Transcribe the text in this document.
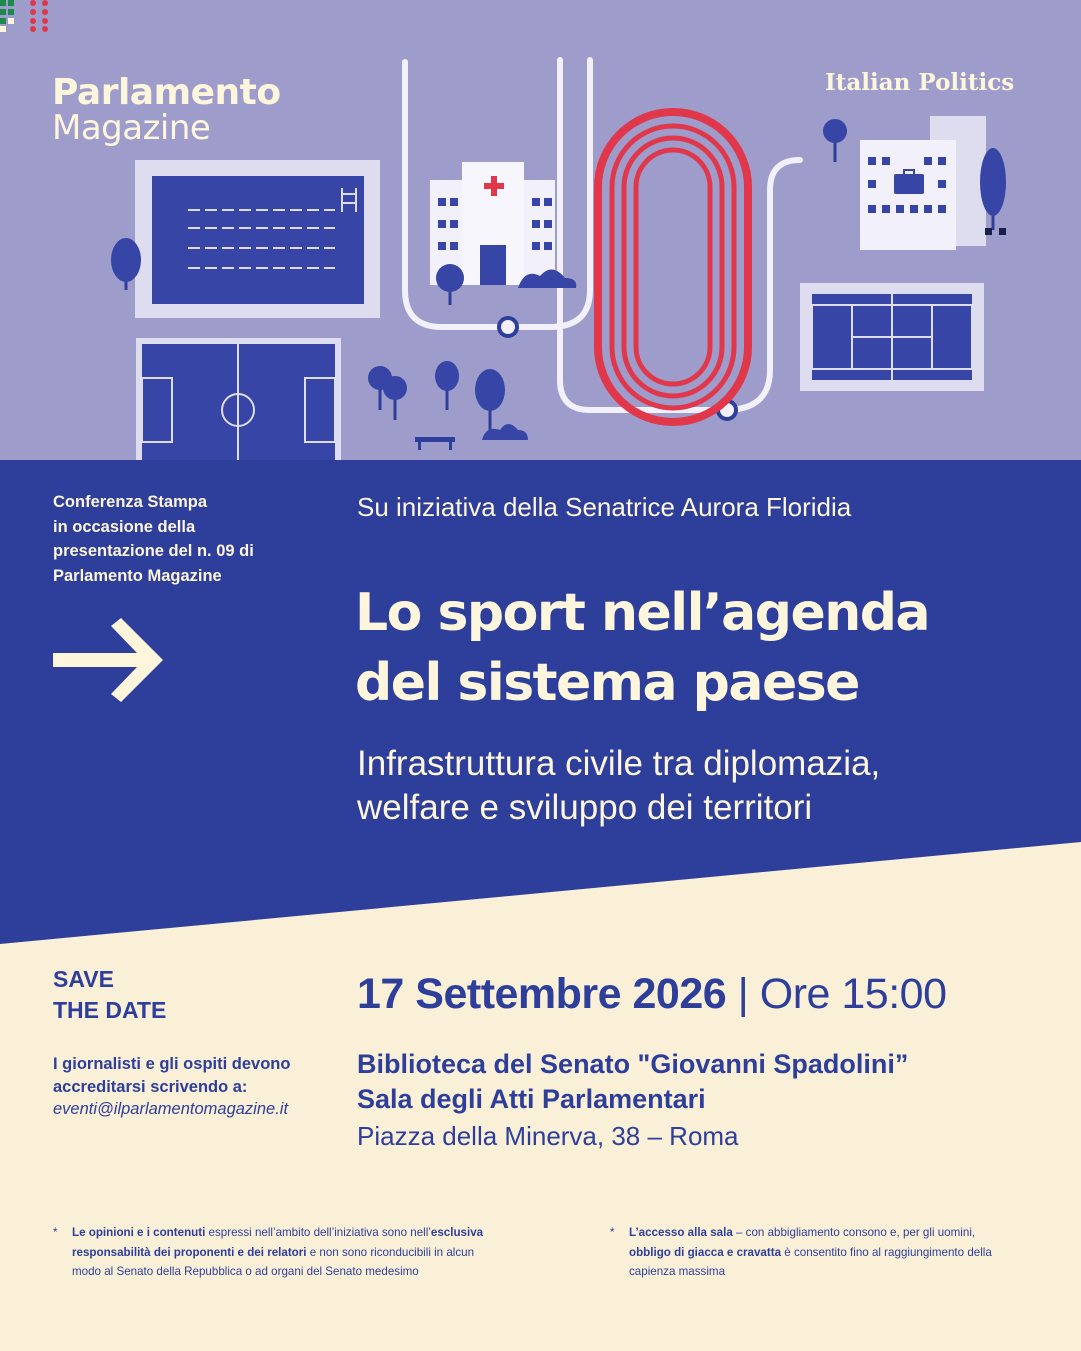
Parlamento
Magazine
Italian Politics
Conferenza Stampa
in occasione della
presentazione del n. 09 di
Parlamento Magazine
Su iniziativa della Senatrice Aurora Floridia
Lo sport nell’agenda
del sistema paese
Infrastruttura civile tra diplomazia,
welfare e sviluppo dei territori
SAVE
THE DATE
I giornalisti e gli ospiti devono
accreditarsi scrivendo a:
eventi@ilparlamentomagazine.it
17 Settembre 2026 | Ore 15:00
Biblioteca del Senato "Giovanni Spadolini”
Sala degli Atti Parlamentari
Piazza della Minerva, 38 – Roma
* Le opinioni e i contenuti espressi nell’ambito dell’iniziativa sono nell’esclusiva
responsabilità dei proponenti e dei relatori e non sono riconducibili in alcun
modo al Senato della Repubblica o ad organi del Senato medesimo
* L’accesso alla sala – con abbigliamento consono e, per gli uomini,
obbligo di giacca e cravatta è consentito fino al raggiungimento della
capienza massima
